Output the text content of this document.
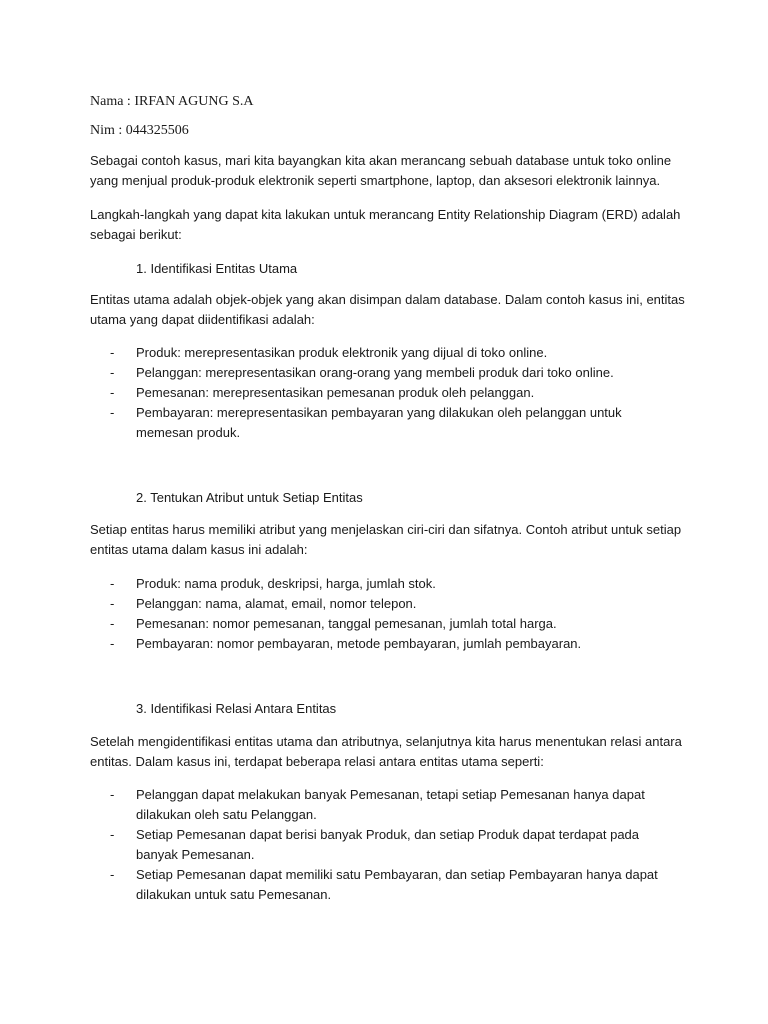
Nama : IRFAN AGUNG S.A

Nim : 044325506

Sebagai contoh kasus, mari kita bayangkan kita akan merancang sebuah database untuk toko online yang menjual produk-produk elektronik seperti smartphone, laptop, dan aksesori elektronik lainnya.

Langkah-langkah yang dapat kita lakukan untuk merancang Entity Relationship Diagram (ERD) adalah sebagai berikut:

1. Identifikasi Entitas Utama

Entitas utama adalah objek-objek yang akan disimpan dalam database. Dalam contoh kasus ini, entitas utama yang dapat diidentifikasi adalah:

- Produk: merepresentasikan produk elektronik yang dijual di toko online.
- Pelanggan: merepresentasikan orang-orang yang membeli produk dari toko online.
- Pemesanan: merepresentasikan pemesanan produk oleh pelanggan.
- Pembayaran: merepresentasikan pembayaran yang dilakukan oleh pelanggan untuk memesan produk.

2. Tentukan Atribut untuk Setiap Entitas

Setiap entitas harus memiliki atribut yang menjelaskan ciri-ciri dan sifatnya. Contoh atribut untuk setiap entitas utama dalam kasus ini adalah:

- Produk: nama produk, deskripsi, harga, jumlah stok.
- Pelanggan: nama, alamat, email, nomor telepon.
- Pemesanan: nomor pemesanan, tanggal pemesanan, jumlah total harga.
- Pembayaran: nomor pembayaran, metode pembayaran, jumlah pembayaran.

3. Identifikasi Relasi Antara Entitas

Setelah mengidentifikasi entitas utama dan atributnya, selanjutnya kita harus menentukan relasi antara entitas. Dalam kasus ini, terdapat beberapa relasi antara entitas utama seperti:

- Pelanggan dapat melakukan banyak Pemesanan, tetapi setiap Pemesanan hanya dapat dilakukan oleh satu Pelanggan.
- Setiap Pemesanan dapat berisi banyak Produk, dan setiap Produk dapat terdapat pada banyak Pemesanan.
- Setiap Pemesanan dapat memiliki satu Pembayaran, dan setiap Pembayaran hanya dapat dilakukan untuk satu Pemesanan.
